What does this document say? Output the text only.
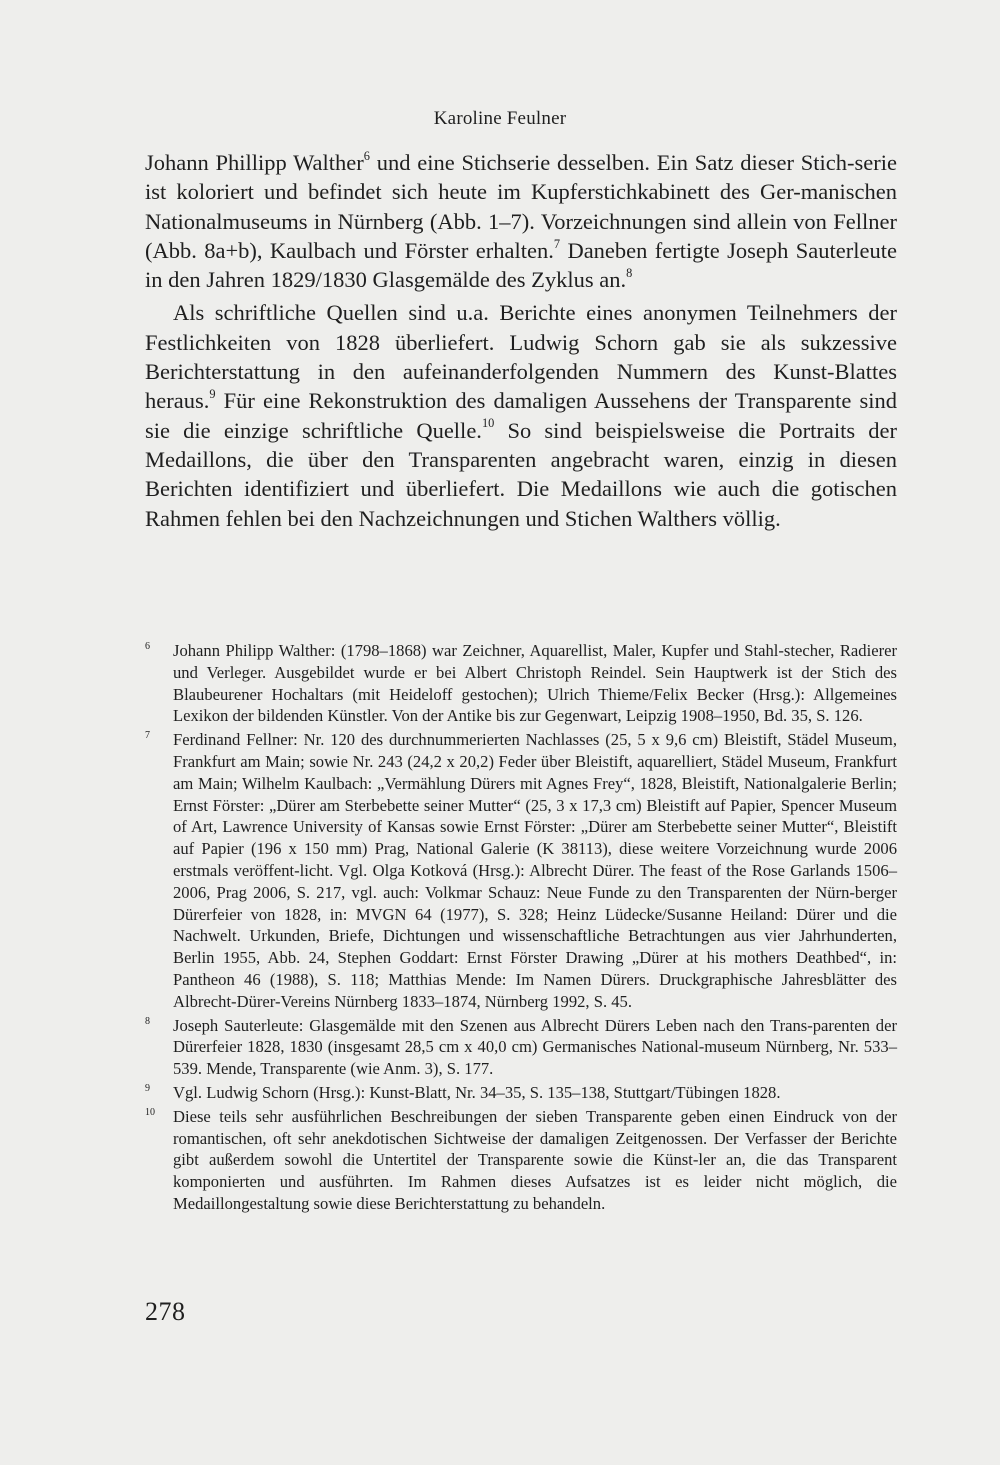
Karoline Feulner

Johann Phillipp Walther$^6$ und eine Stichserie desselben. Ein Satz dieser Stich-serie ist koloriert und befindet sich heute im Kupferstichkabinett des Ger-manischen Nationalmuseums in Nürnberg (Abb. 1–7). Vorzeichnungen sind allein von Fellner (Abb. 8a+b), Kaulbach und Förster erhalten.$^7$ Daneben fertigte Joseph Sauterleute in den Jahren 1829/1830 Glasgemälde des Zyklus an.$^8$

Als schriftliche Quellen sind u.a. Berichte eines anonymen Teilnehmers der Festlichkeiten von 1828 überliefert. Ludwig Schorn gab sie als sukzessive Berichterstattung in den aufeinanderfolgenden Nummern des Kunst-Blattes heraus.$^9$ Für eine Rekonstruktion des damaligen Aussehens der Transparente sind sie die einzige schriftliche Quelle.$^{10}$ So sind beispielsweise die Portraits der Medaillons, die über den Transparenten angebracht waren, einzig in diesen Berichten identifiziert und überliefert. Die Medaillons wie auch die gotischen Rahmen fehlen bei den Nachzeichnungen und Stichen Walthers völlig.

6	Johann Philipp Walther: (1798–1868) war Zeichner, Aquarellist, Maler, Kupfer und Stahl-stecher, Radierer und Verleger. Ausgebildet wurde er bei Albert Christoph Reindel. Sein Hauptwerk ist der Stich des Blaubeurener Hochaltars (mit Heideloff gestochen); Ulrich Thieme/Felix Becker (Hrsg.): Allgemeines Lexikon der bildenden Künstler. Von der Antike bis zur Gegenwart, Leipzig 1908–1950, Bd. 35, S. 126.
7	Ferdinand Fellner: Nr. 120 des durchnummerierten Nachlasses (25, 5 x 9,6 cm) Bleistift, Städel Museum, Frankfurt am Main; sowie Nr. 243 (24,2 x 20,2) Feder über Bleistift, aquarelliert, Städel Museum, Frankfurt am Main; Wilhelm Kaulbach: „Vermählung Dürers mit Agnes Frey“, 1828, Bleistift, Nationalgalerie Berlin; Ernst Förster: „Dürer am Sterbebette seiner Mutter“ (25, 3 x 17,3 cm) Bleistift auf Papier, Spencer Museum of Art, Lawrence University of Kansas sowie Ernst Förster: „Dürer am Sterbebette seiner Mutter“, Bleistift auf Papier (196 x 150 mm) Prag, National Galerie (K 38113), diese weitere Vorzeichnung wurde 2006 erstmals veröffent-licht. Vgl. Olga Kotková (Hrsg.): Albrecht Dürer. The feast of the Rose Garlands 1506–2006, Prag 2006, S. 217, vgl. auch: Volkmar Schauz: Neue Funde zu den Transparenten der Nürn-berger Dürerfeier von 1828, in: MVGN 64 (1977), S. 328; Heinz Lüdecke/Susanne Heiland: Dürer und die Nachwelt. Urkunden, Briefe, Dichtungen und wissenschaftliche Betrachtungen aus vier Jahrhunderten, Berlin 1955, Abb. 24, Stephen Goddart: Ernst Förster Drawing „Dürer at his mothers Deathbed“, in: Pantheon 46 (1988), S. 118; Matthias Mende: Im Namen Dürers. Druckgraphische Jahresblätter des Albrecht-Dürer-Vereins Nürnberg 1833–1874, Nürnberg 1992, S. 45.
8	Joseph Sauterleute: Glasgemälde mit den Szenen aus Albrecht Dürers Leben nach den Trans-parenten der Dürerfeier 1828, 1830 (insgesamt 28,5 cm x 40,0 cm) Germanisches National-museum Nürnberg, Nr. 533–539. Mende, Transparente (wie Anm. 3), S. 177.
9	Vgl. Ludwig Schorn (Hrsg.): Kunst-Blatt, Nr. 34–35, S. 135–138, Stuttgart/Tübingen 1828.
10	Diese teils sehr ausführlichen Beschreibungen der sieben Transparente geben einen Eindruck von der romantischen, oft sehr anekdotischen Sichtweise der damaligen Zeitgenossen. Der Verfasser der Berichte gibt außerdem sowohl die Untertitel der Transparente sowie die Künst-ler an, die das Transparent komponierten und ausführten. Im Rahmen dieses Aufsatzes ist es leider nicht möglich, die Medaillongestaltung sowie diese Berichterstattung zu behandeln.
278
